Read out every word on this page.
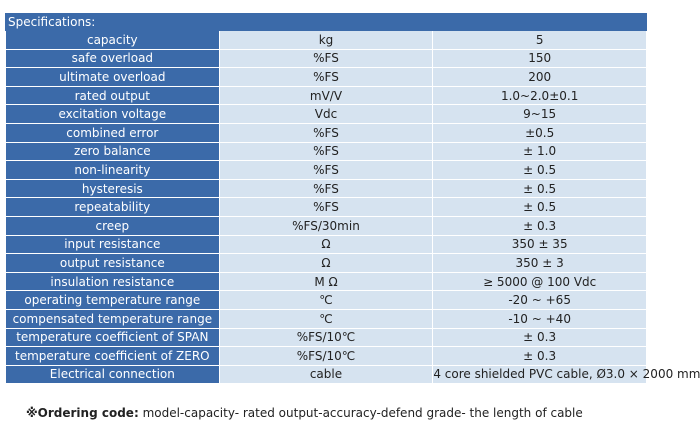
Specifications:		
capacity	kg	5
safe overload	%FS	150
ultimate overload	%FS	200
rated output	mV/V	1.0~2.0±0.1
excitation voltage	Vdc	9~15
combined error	%FS	±0.5
zero balance	%FS	± 1.0
non-linearity	%FS	± 0.5
hysteresis	%FS	± 0.5
repeatability	%FS	± 0.5
creep	%FS/30min	± 0.3
input resistance	Ω	350 ± 35
output resistance	Ω	350 ± 3
insulation resistance	M Ω	≥ 5000 @ 100 Vdc
operating temperature range	℃	-20 ~ +65
compensated temperature range	℃	-10 ~ +40
temperature coefficient of SPAN	%FS/10℃	± 0.3
temperature coefficient of ZERO	%FS/10℃	± 0.3
Electrical connection	cable	4 core shielded PVC cable, Ø3.0 × 2000 mm
※Ordering code: model-capacity- rated output-accuracy-defend grade- the length of cable
